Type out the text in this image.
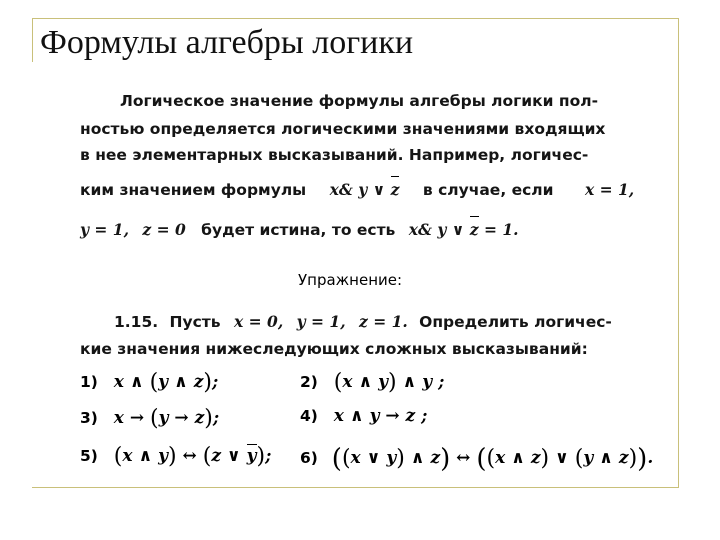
Формулы алгебры логики
Логическое значение формулы алгебры логики пол-
ностью определяется логическими значениями входящих
в нее элементарных высказываний. Например, логичес-
ким значением формулы x& y ∨ z в случае, если x = 1,
y = 1, z = 0 будет истина, то есть x& y ∨ z = 1.
Упражнение:
1.15. Пусть x = 0, y = 1, z = 1. Определить логичес-
кие значения нижеследующих сложных высказываний:
1) x ∧ (y ∧ z);	2) (x ∧ y) ∧ y ;
3) x → (y → z);	4) x ∧ y → z ;
5) (x ∧ y) ↔ (z ∨ y); 6) ((x ∨ y) ∧ z) ↔ ((x ∧ z) ∨ (y ∧ z)).
